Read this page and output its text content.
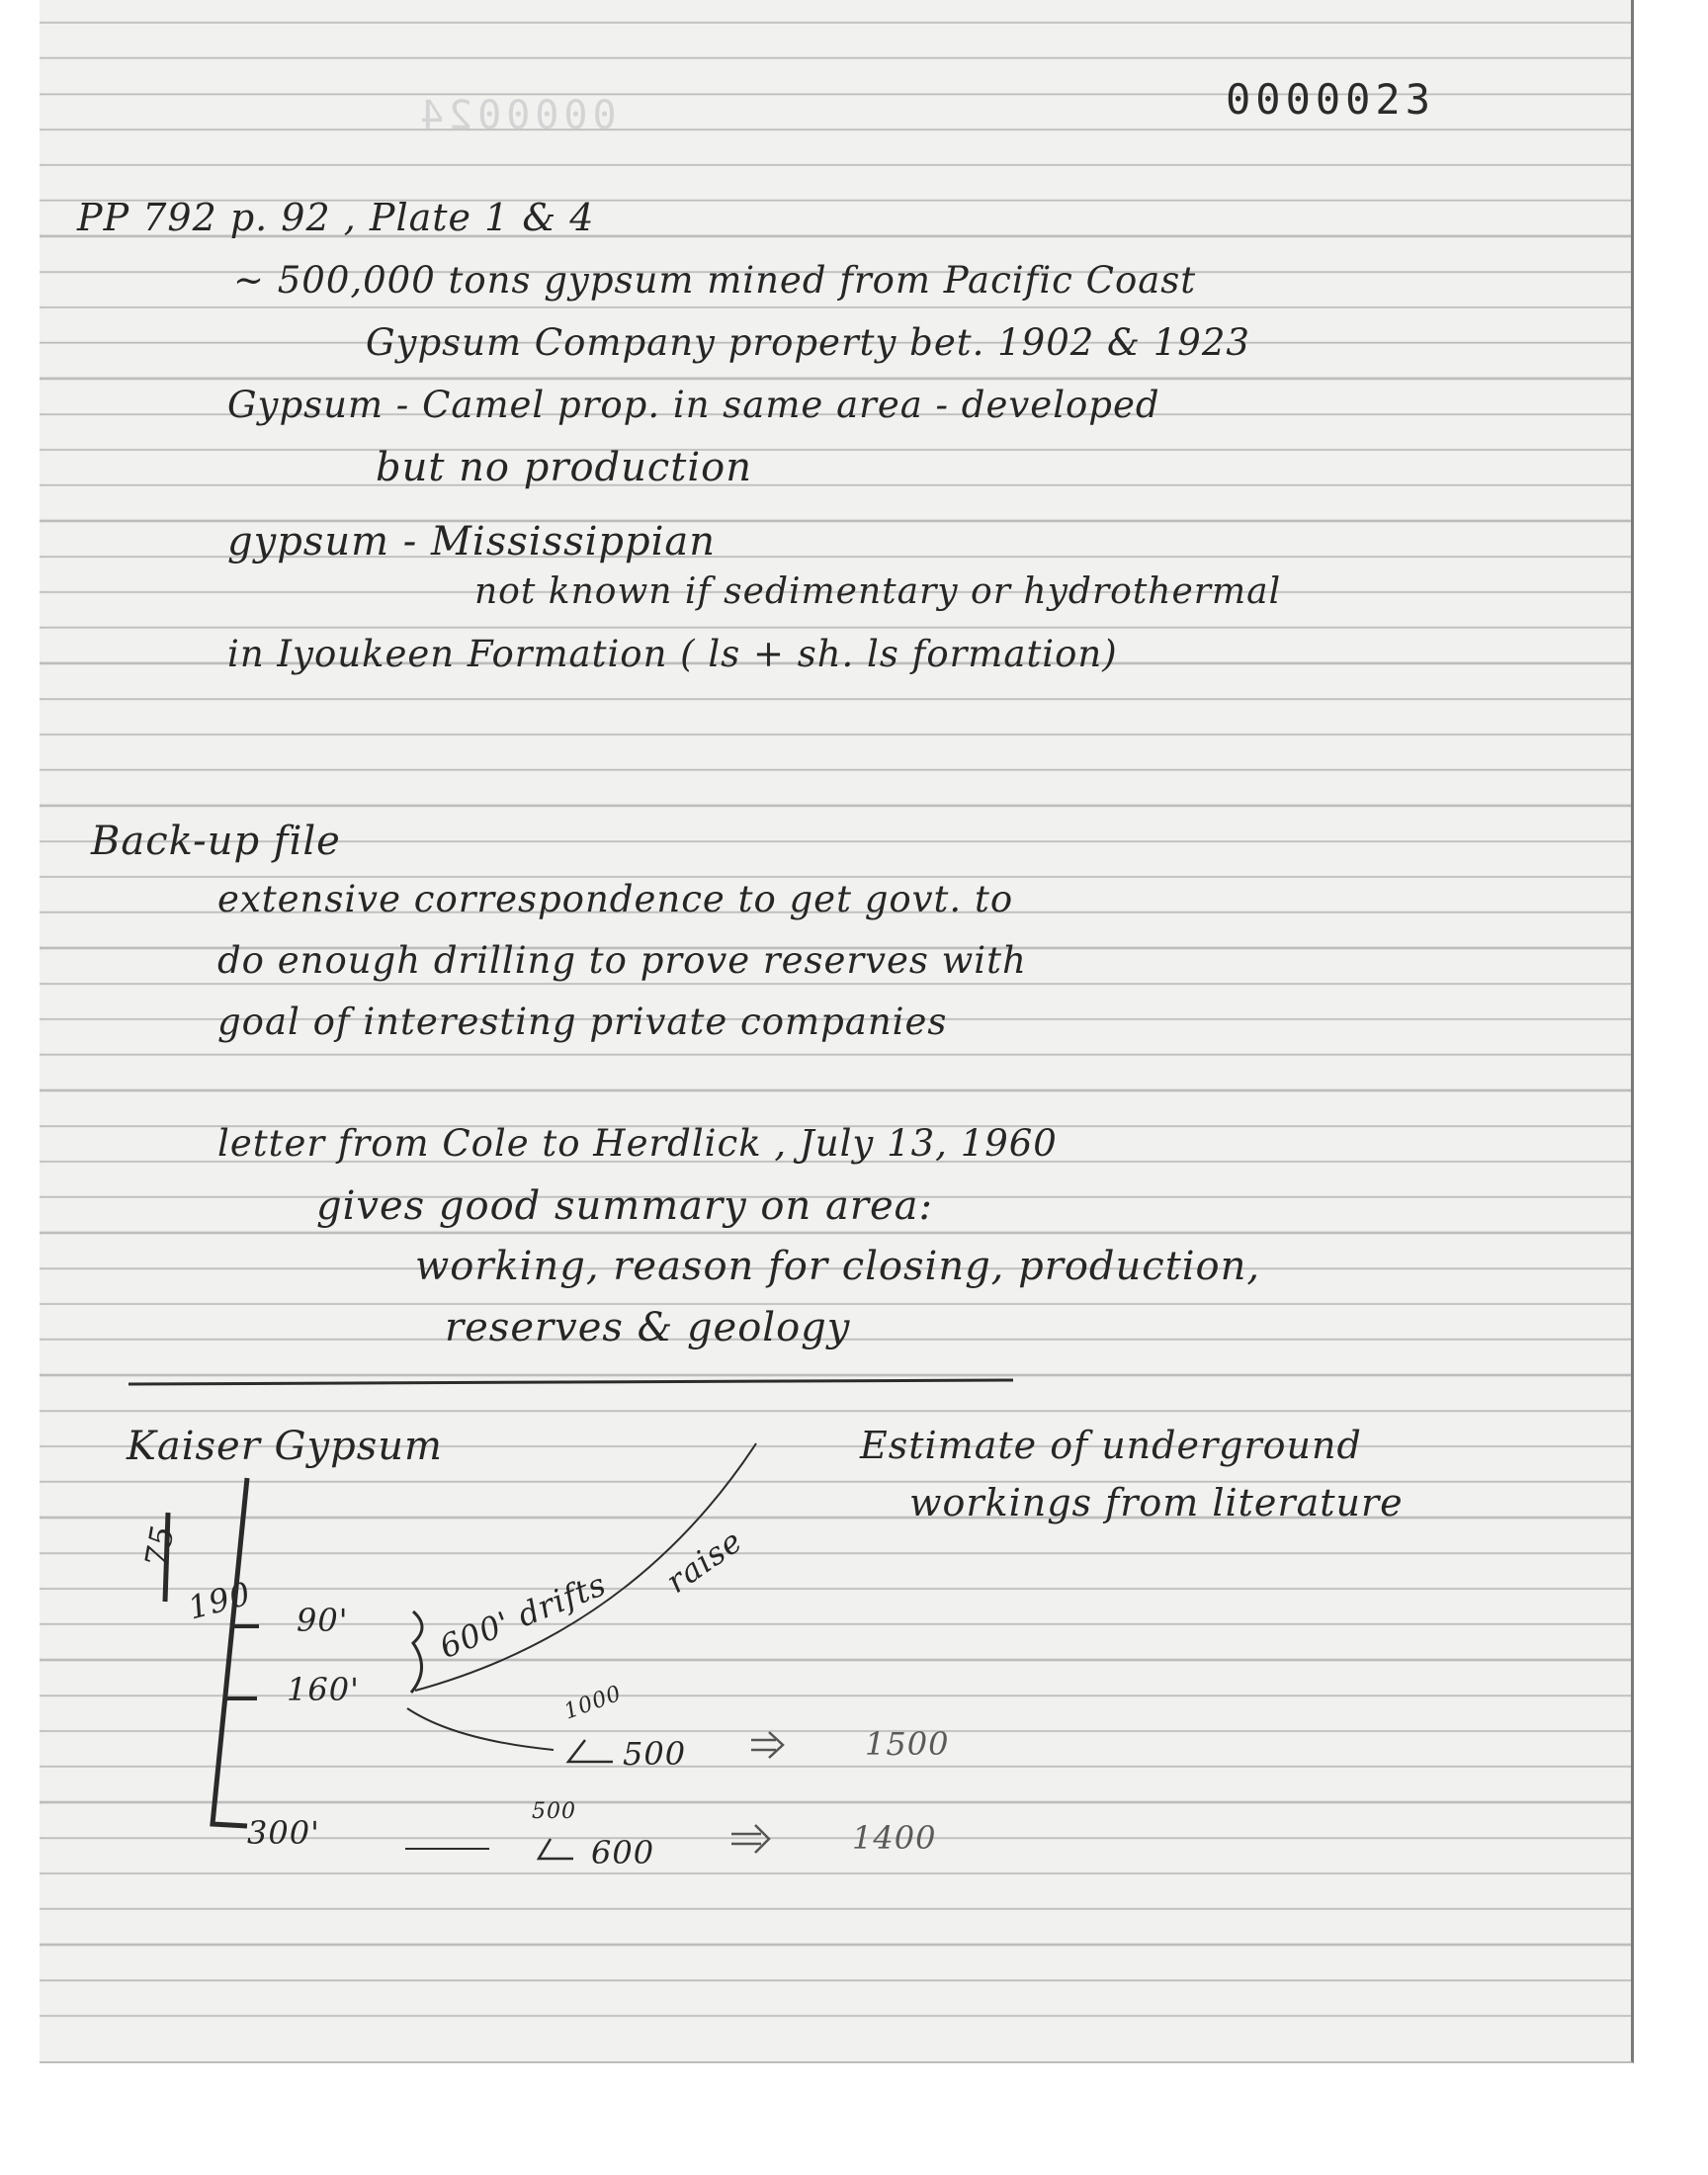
0000024	0000023
PP 792 p. 92 , Plate 1 & 4
~ 500,000 tons gypsum mined from Pacific Coast
Gypsum Company property bet. 1902 & 1923
Gypsum - Camel prop. in same area - developed
but no production
gypsum - Mississippian
not known if sedimentary or hydrothermal
in Iyoukeen Formation ( ls + sh. ls formation)
Back-up file
extensive correspondence to get govt. to
do enough drilling to prove reserves with
goal of interesting private companies
letter from Cole to Herdlick , July 13, 1960
gives good summary on area:
working, reason for closing, production,
reserves & geology
Kaiser Gypsum	Estimate of underground
workings from literature
75
190 90'
160'
600' drifts
raise
1000
500	1500
300'
500
600	1400
